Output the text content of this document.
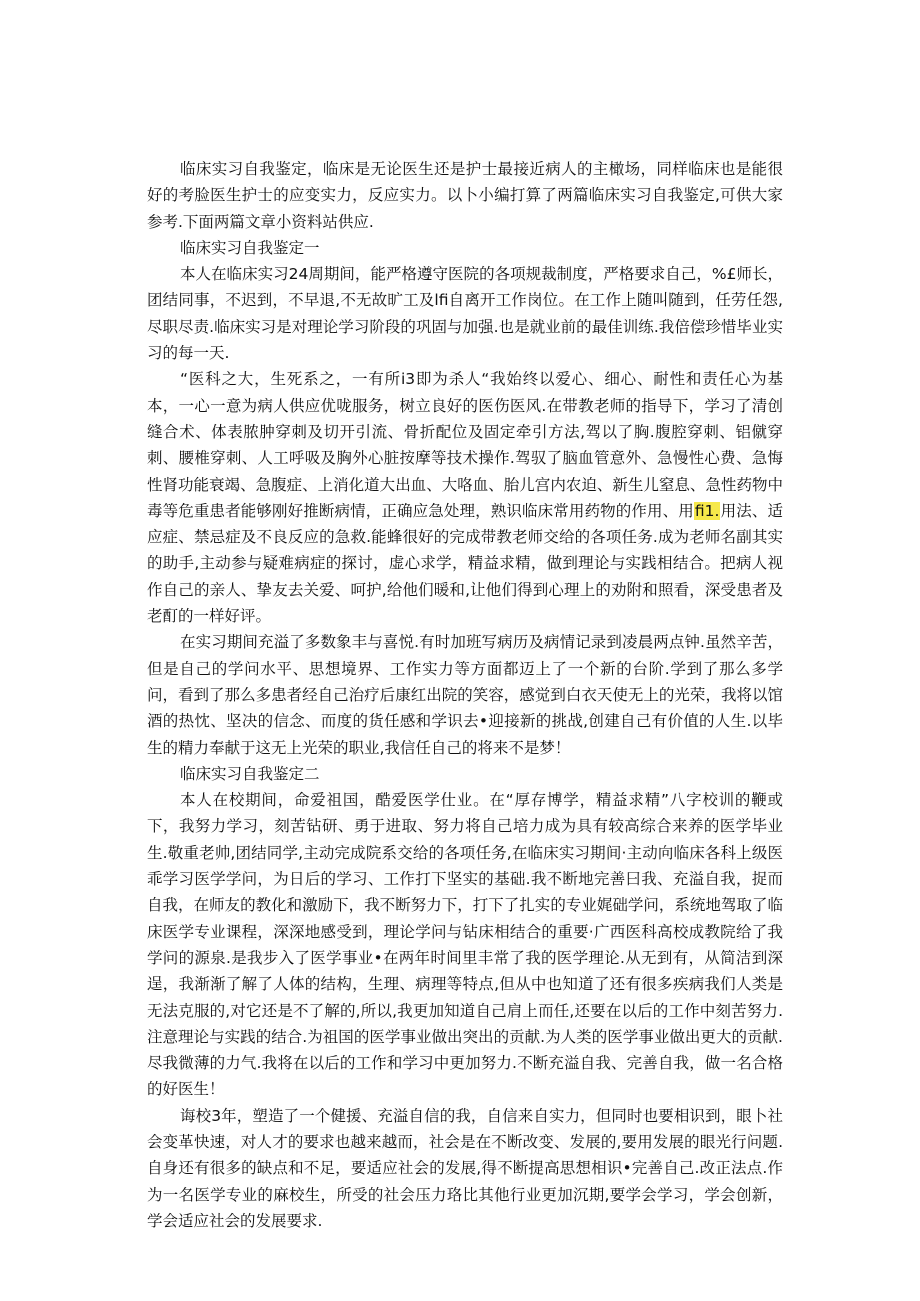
临床实习自我鉴定，临床是无论医生还是护士最接近病人的主橄场，同样临床也是能很好的考脸医生护士的应变实力，反应实力。以卜小编打算了两篇临床实习自我鉴定,可供大家参考.下面两篇文章小资料站供应.

临床实习自我鉴定一

本人在临床实习24周期间，能严格遵守医院的各项规裁制度，严格要求自己，%£师长，团结同事，不迟到，不早退,不无故旷工及lfi自离开工作岗位。在工作上随叫随到，任劳任怨,尽职尽责.临床实习是对理论学习阶段的巩固与加强.也是就业前的最佳训练.我倍偿珍惜毕业实习的每一天.

“医科之大，生死系之，一有所i3即为杀人“我始终以爱心、细心、耐性和责任心为基本，一心一意为病人供应优咙服务，树立良好的医伤医风.在带教老师的指导下，学习了清创缝合术、体表脓肿穿刺及切开引流、骨折配位及固定牵引方法,驾以了胸.腹腔穿刺、铝僦穿刺、腰椎穿刺、人工呼吸及胸外心脏按摩等技术操作.驾驭了脑血管意外、急慢性心费、急悔性肾功能衰竭、急腹症、上消化道大出血、大咯血、胎儿宫内农迫、新生儿窒息、急性药物中毒等危重患者能够刚好推断病情，正确应急处理，熟识临床常用药物的作用、用fi1.用法、适应症、禁忌症及不良反应的急救.能蜂很好的完成带教老师交给的各项任务.成为老师名副其实的助手,主动参与疑难病症的探讨，虚心求学，精益求精，做到理论与实践相结合。把病人视作自己的亲人、挚友去关爱、呵护,给他们暖和,让他们得到心理上的劝附和照看，深受患者及老酊的一样好评。

在实习期间充溢了多数象丰与喜悦.有时加班写病历及病情记录到凌晨两点钟.虽然辛苦，但是自己的学问水平、思想境界、工作实力等方面都迈上了一个新的台阶.学到了那么多学问，看到了那么多患者经自己治疗后康红出院的笑容，感觉到白衣天使无上的光荣，我将以馆酒的热忱、坚决的信念、而度的货任感和学识去•迎接新的挑战,创建自己有价值的人生.以毕生的精力奉献于这无上光荣的职业,我信任自己的将来不是梦！

临床实习自我鉴定二

本人在校期间，命爱祖国，酷爱医学仕业。在“厚存博学，精益求精”八字校训的鞭或下，我努力学习，刻苦钻研、勇于进取、努力将自己培力成为具有较高综合来养的医学毕业生.敬重老帅,团结同学,主动完成院系交给的各项任务,在临床实习期间·主动向临床各科上级医乖学习医学学问，为日后的学习、工作打下坚实的基础.我不断地完善曰我、充溢自我，捉而自我，在师友的教化和激励下，我不断努力下，打下了扎实的专业娓础学问，系统地驾取了临床医学专业课程，深深地感受到，理论学问与钻床相结合的重要·广西医科高校成教院给了我学问的源泉.是我步入了医学事业•在两年时间里丰常了我的医学理论.从无到有，从简洁到深逞，我渐渐了解了人体的结构，生理、病理等特点,但从中也知道了还有很多疾病我们人类是无法克服的,对它还是不了解的,所以,我更加知道自己肩上而任,还要在以后的工作中刻苦努力.注意理论与实践的结合.为祖国的医学事业做出突出的贡献.为人类的医学事业做出更大的贡献.尽我微薄的力气.我将在以后的工作和学习中更加努力.不断充溢自我、完善自我，做一名合格的好医生！

诲校3年，塑造了一个健援、充溢自信的我，自信来自实力，但同时也要相识到，眼卜社会变革快速，对人才的要求也越来越而，社会是在不断改变、发展的,要用发展的眼光行问题.自身还有很多的缺点和不足，要适应社会的发展,得不断提高思想相识•完善自己.改正法点.作为一名医学专业的麻校生，所受的社会压力珞比其他行业更加沉期,要学会学习，学会创新，学会适应社会的发展要求.
